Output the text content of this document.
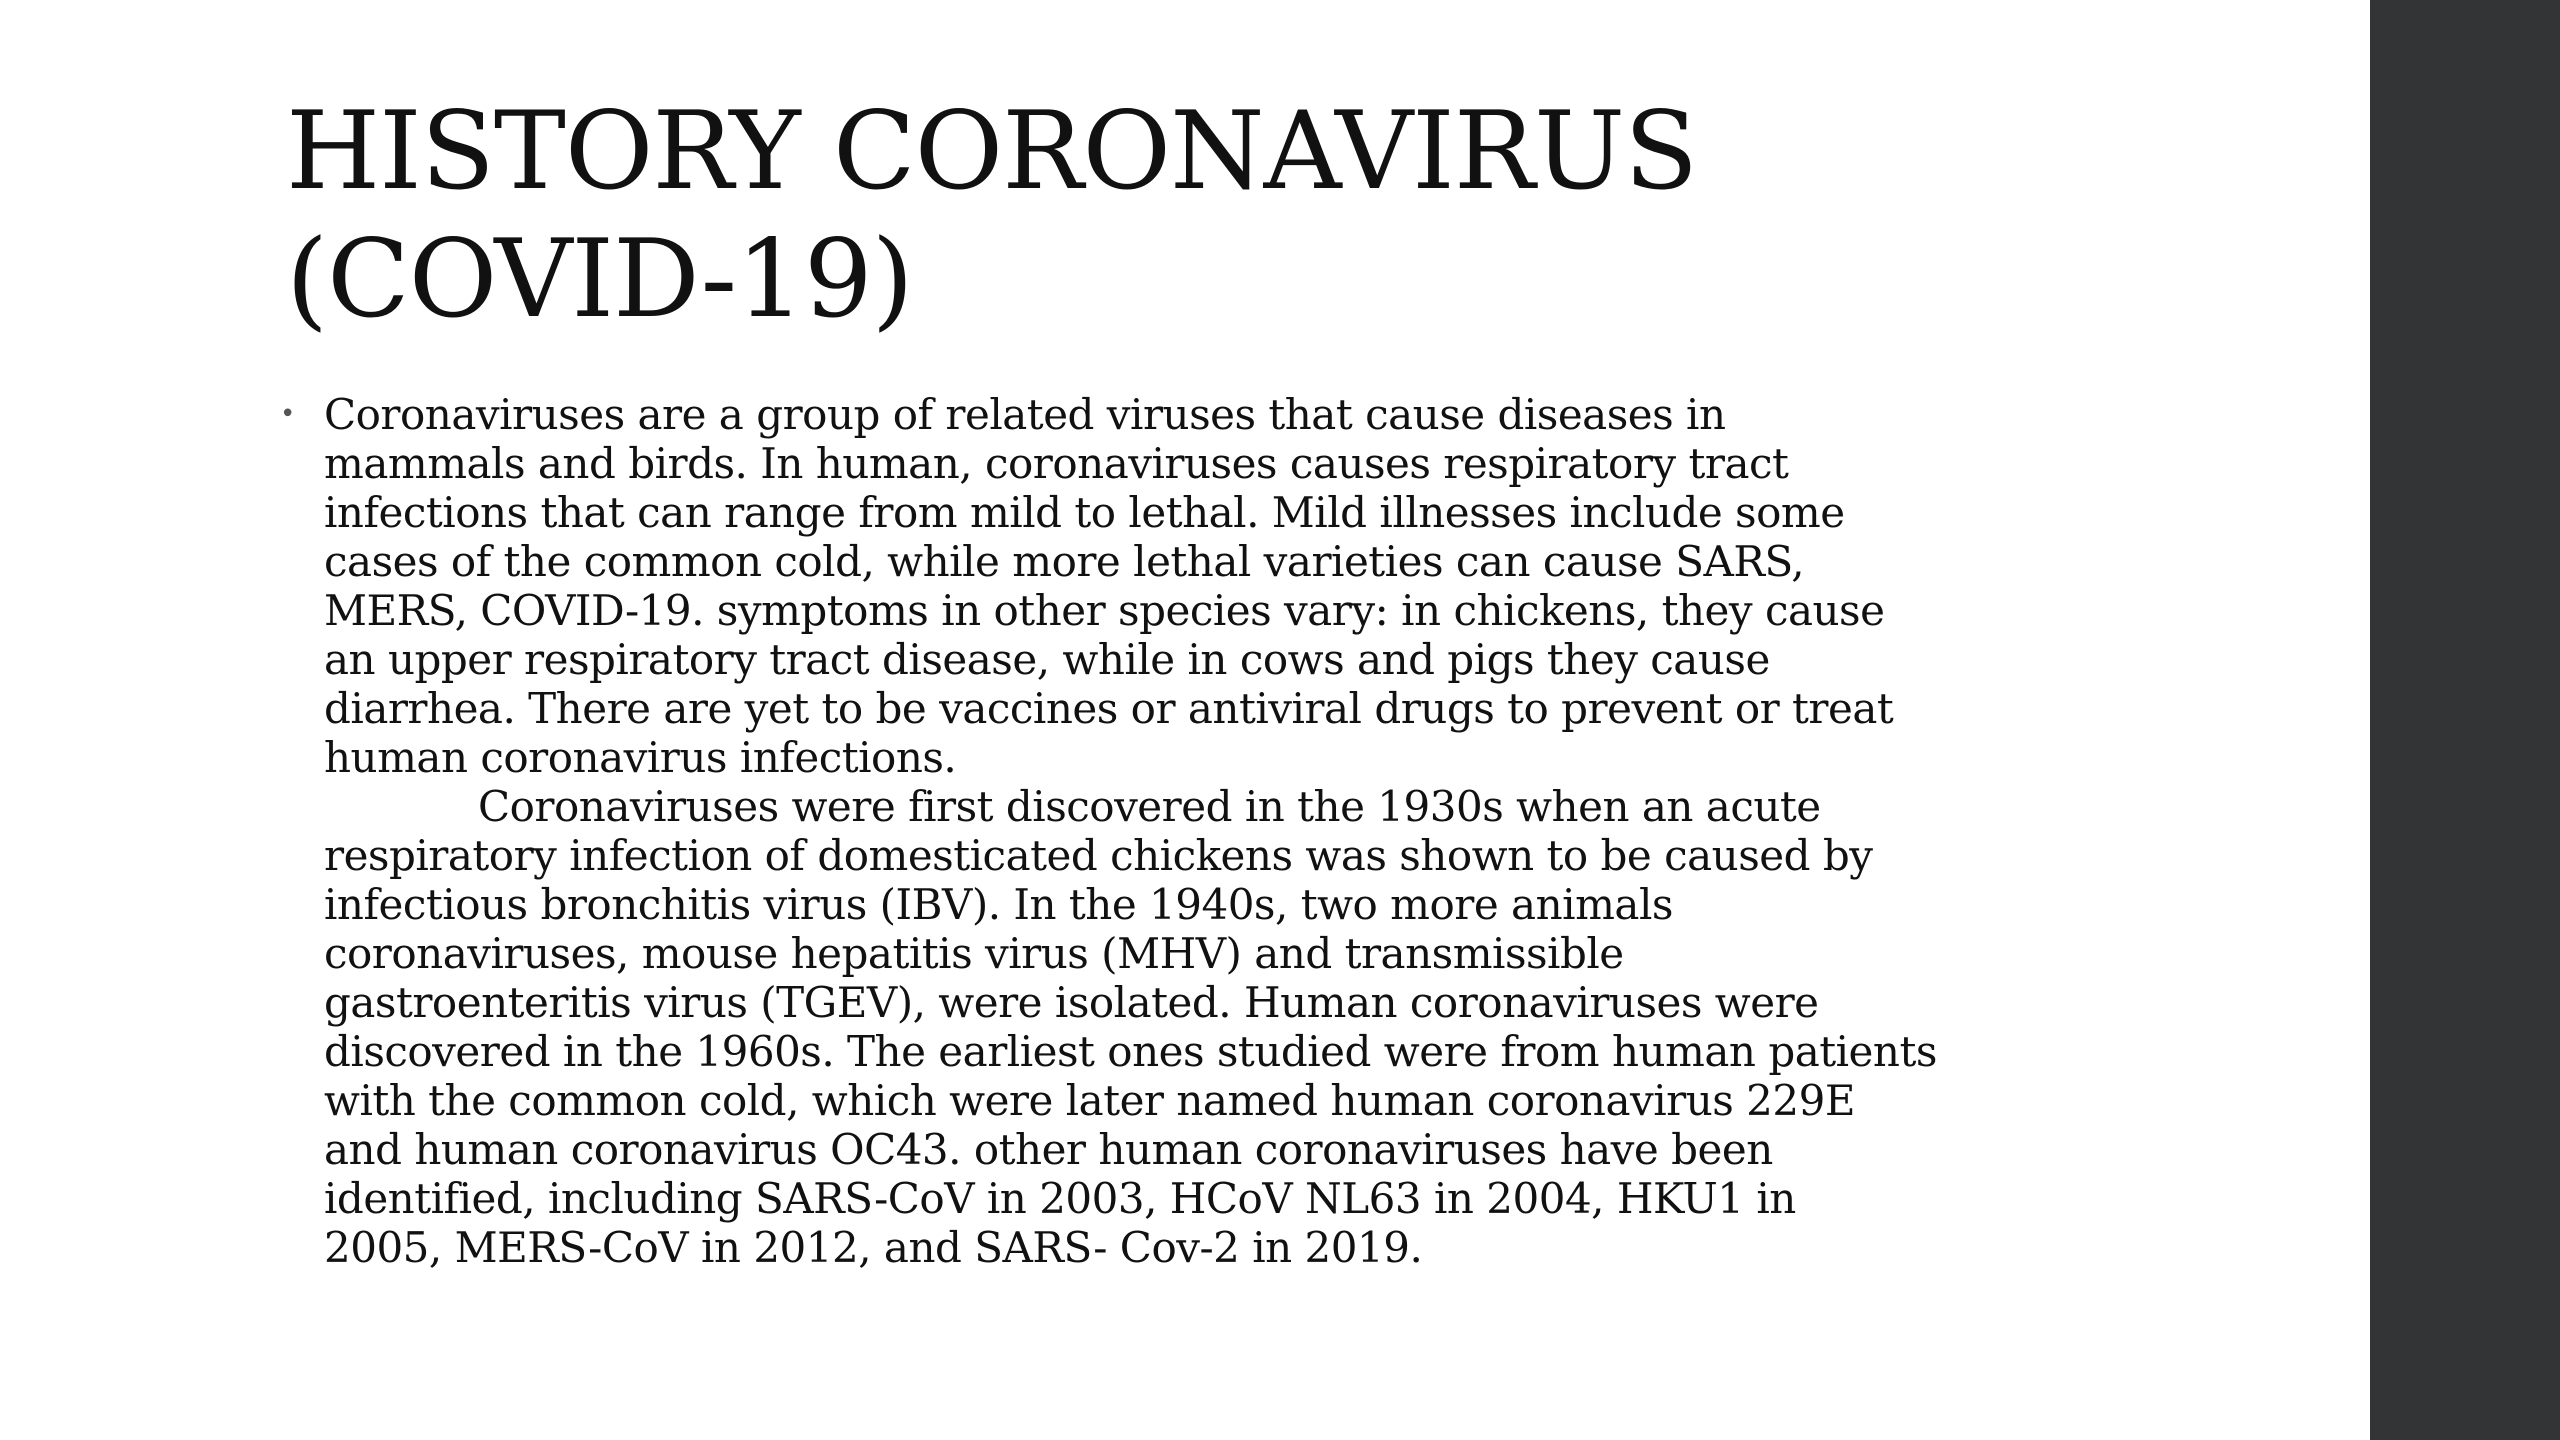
HISTORY CORONAVIRUS
(COVID-19)
• Coronaviruses are a group of related viruses that cause diseases in
mammals and birds. In human, coronaviruses causes respiratory tract
infections that can range from mild to lethal. Mild illnesses include some
cases of the common cold, while more lethal varieties can cause SARS,
MERS, COVID-19. symptoms in other species vary: in chickens, they cause
an upper respiratory tract disease, while in cows and pigs they cause
diarrhea. There are yet to be vaccines or antiviral drugs to prevent or treat
human coronavirus infections.
Coronaviruses were first discovered in the 1930s when an acute
respiratory infection of domesticated chickens was shown to be caused by
infectious bronchitis virus (IBV). In the 1940s, two more animals
coronaviruses, mouse hepatitis virus (MHV) and transmissible
gastroenteritis virus (TGEV), were isolated. Human coronaviruses were
discovered in the 1960s. The earliest ones studied were from human patients
with the common cold, which were later named human coronavirus 229E
and human coronavirus OC43. other human coronaviruses have been
identified, including SARS-CoV in 2003, HCoV NL63 in 2004, HKU1 in
2005, MERS-CoV in 2012, and SARS- Cov-2 in 2019.
